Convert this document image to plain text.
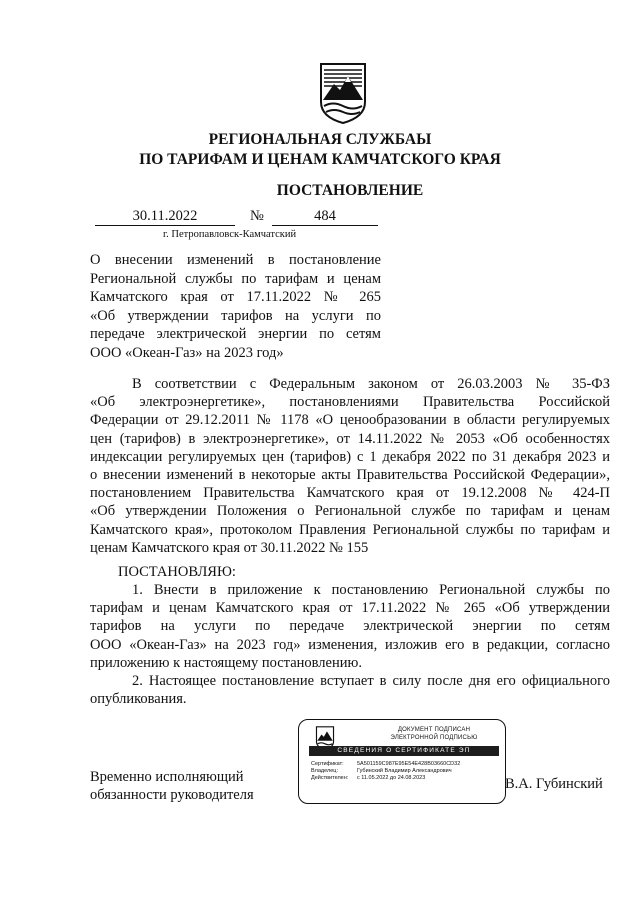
РЕГИОНАЛЬНАЯ СЛУЖБАЫ
ПО ТАРИФАМ И ЦЕНАМ КАМЧАТСКОГО КРАЯ
ПОСТАНОВЛЕНИЕ
30.11.2022	№	484
г. Петропавловск-Камчатский
О внесении изменений в постановление
Региональной службы по тарифам и ценам
Камчатского края от 17.11.2022 № 265
«Об утверждении тарифов на услуги по
передаче электрической энергии по сетям
ООО «Океан-Газ» на 2023 год»
В соответствии с Федеральным законом от 26.03.2003 № 35-ФЗ
«Об электроэнергетике», постановлениями Правительства Российской
Федерации от 29.12.2011 № 1178 «О ценообразовании в области регулируемых
цен (тарифов) в электроэнергетике», от 14.11.2022 № 2053 «Об особенностях
индексации регулируемых цен (тарифов) с 1 декабря 2022 по 31 декабря 2023 и
о внесении изменений в некоторые акты Правительства Российской Федерации»,
постановлением Правительства Камчатского края от 19.12.2008 № 424-П
«Об утверждении Положения о Региональной службе по тарифам и ценам
Камчатского края», протоколом Правления Региональной службы по тарифам и
ценам Камчатского края от 30.11.2022 № 155
ПОСТАНОВЛЯЮ:
1. Внести в приложение к постановлению Региональной службы по
тарифам и ценам Камчатского края от 17.11.2022 № 265 «Об утверждении
тарифов на услуги по передаче электрической энергии по сетям
ООО «Океан-Газ» на 2023 год» изменения, изложив его в редакции, согласно
приложению к настоящему постановлению.
2. Настоящее постановление вступает в силу после дня его официального
опубликования.
ДОКУМЕНТ ПОДПИСАН
ЭЛЕКТРОННОЙ ПОДПИСЬЮ
СВЕДЕНИЯ О СЕРТИФИКАТЕ ЭП
Сертификат: 5A501159C987E95E54E428B03660CD32
Владелец:	Губинский Владимир Александрович
Действителен: с 11.05.2022 до 24.08.2023
Временно исполняющий
обязанности руководителя
В.А. Губинский
